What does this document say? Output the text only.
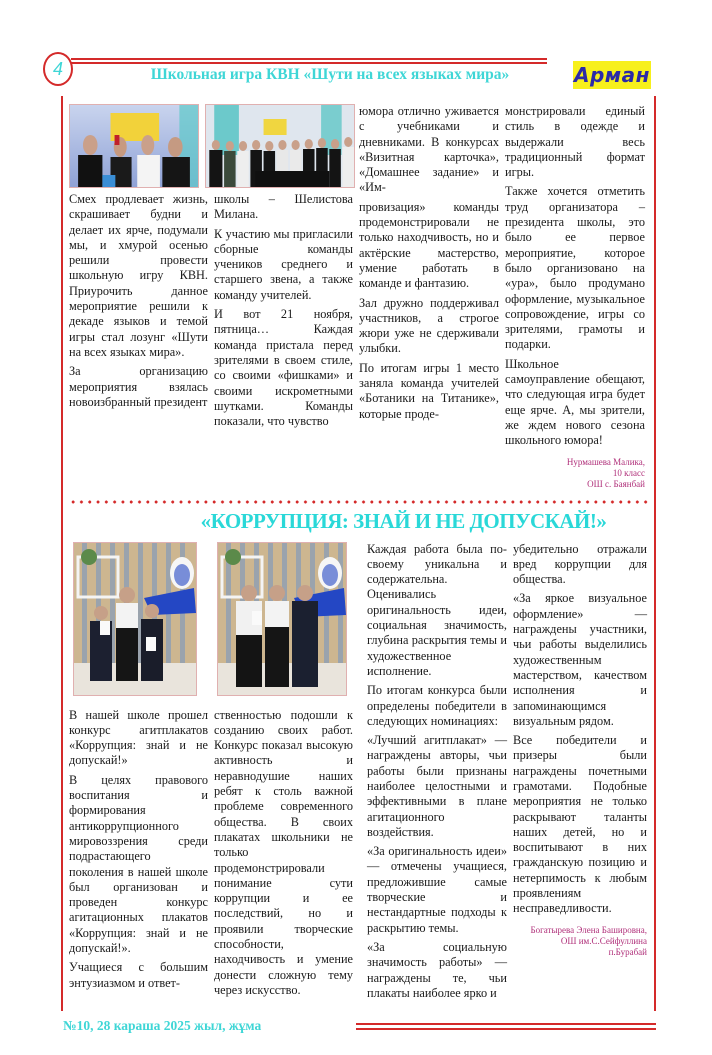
4	Школьная игра КВН «Шути на всех языках мира»	Арман

Смех продлевает жизнь, скрашивает будни и делает их ярче, подумали мы, и хмурой осенью решили провести школьную игру КВН. Приурочить данное мероприятие решили к декаде языков и темой игры стал лозунг «Шути на всех языках мира».

За организацию мероприятия взялась новоизбранный президент

школы – Шелистова Милана.

К участию мы пригласили сборные команды учеников среднего и старшего звена, а также команду учителей.

И вот 21 ноября, пятница… Каждая команда пристала перед зрителями в своем стиле, со своими «фишками» и своими искрометными шутками. Команды показали, что чувство

юмора отлично уживается с учебниками и дневниками. В конкурсах «Визитная карточка», «Домашнее задание» и «Им-

провизация» команды продемонстрировали не только находчивость, но и актёрские мастерство, умение работать в команде и фантазию.

Зал дружно поддерживал участников, а строгое жюри уже не сдерживали улыбки.

По итогам игры 1 место заняла команда учителей «Ботаники на Титанике», которые проде-

монстрировали единый стиль в одежде и выдержали весь традиционный формат игры.

Также хочется отметить труд организатора – президента школы, это было ее первое мероприятие, которое было организовано на «ура», было продумано оформление, музыкальное сопровождение, игры со зрителями, грамоты и подарки.

Школьное самоуправление обещают, что следующая игра будет еще ярче. А, мы зрители, же ждем нового сезона школьного юмора!

Нурмашева Малика,
10 класс
ОШ с. Баянбай
«КОРРУПЦИЯ: ЗНАЙ И НЕ ДОПУСКАЙ!»

В нашей школе прошел конкурс агитплакатов «Коррупция: знай и не допускай!»

В целях правового воспитания и формирования антикоррупционного мировоззрения среди подрастающего поколения в нашей школе был организован и проведен конкурс агитационных плакатов «Коррупция: знай и не допускай!».

Учащиеся с большим энтузиазмом и ответ-

ственностью подошли к созданию своих работ. Конкурс показал высокую активность и неравнодушие наших ребят к столь важной проблеме современного общества. В своих плакатах школьники не только продемонстрировали понимание сути коррупции и ее последствий, но и проявили творческие способности, находчивость и умение донести сложную тему через искусство.

Каждая работа была по-своему уникальна и содержательна. Оценивались оригинальность идеи, социальная значимость, глубина раскрытия темы и художественное исполнение.

По итогам конкурса были определены победители в следующих номинациях:

«Лучший агитплакат» — награждены авторы, чьи работы были признаны наиболее целостными и эффективными в плане агитационного воздействия.

«За оригинальность идеи» — отмечены учащиеся, предложившие самые творческие и нестандартные подходы к раскрытию темы.

«За социальную значимость работы» — награждены те, чьи плакаты наиболее ярко и

убедительно отражали вред коррупции для общества.

«За яркое визуальное оформление» — награждены участники, чьи работы выделились художественным мастерством, качеством исполнения и запоминающимся визуальным рядом.

Все победители и призеры были награждены почетными грамотами. Подобные мероприятия не только раскрывают таланты наших детей, но и воспитывают в них гражданскую позицию и нетерпимость к любым проявлениям несправедливости.

Богатырева Элена Башировна,
ОШ им.С.Сейфуллина
п.Бурабай
№10, 28 караша 2025 жыл, жұма
